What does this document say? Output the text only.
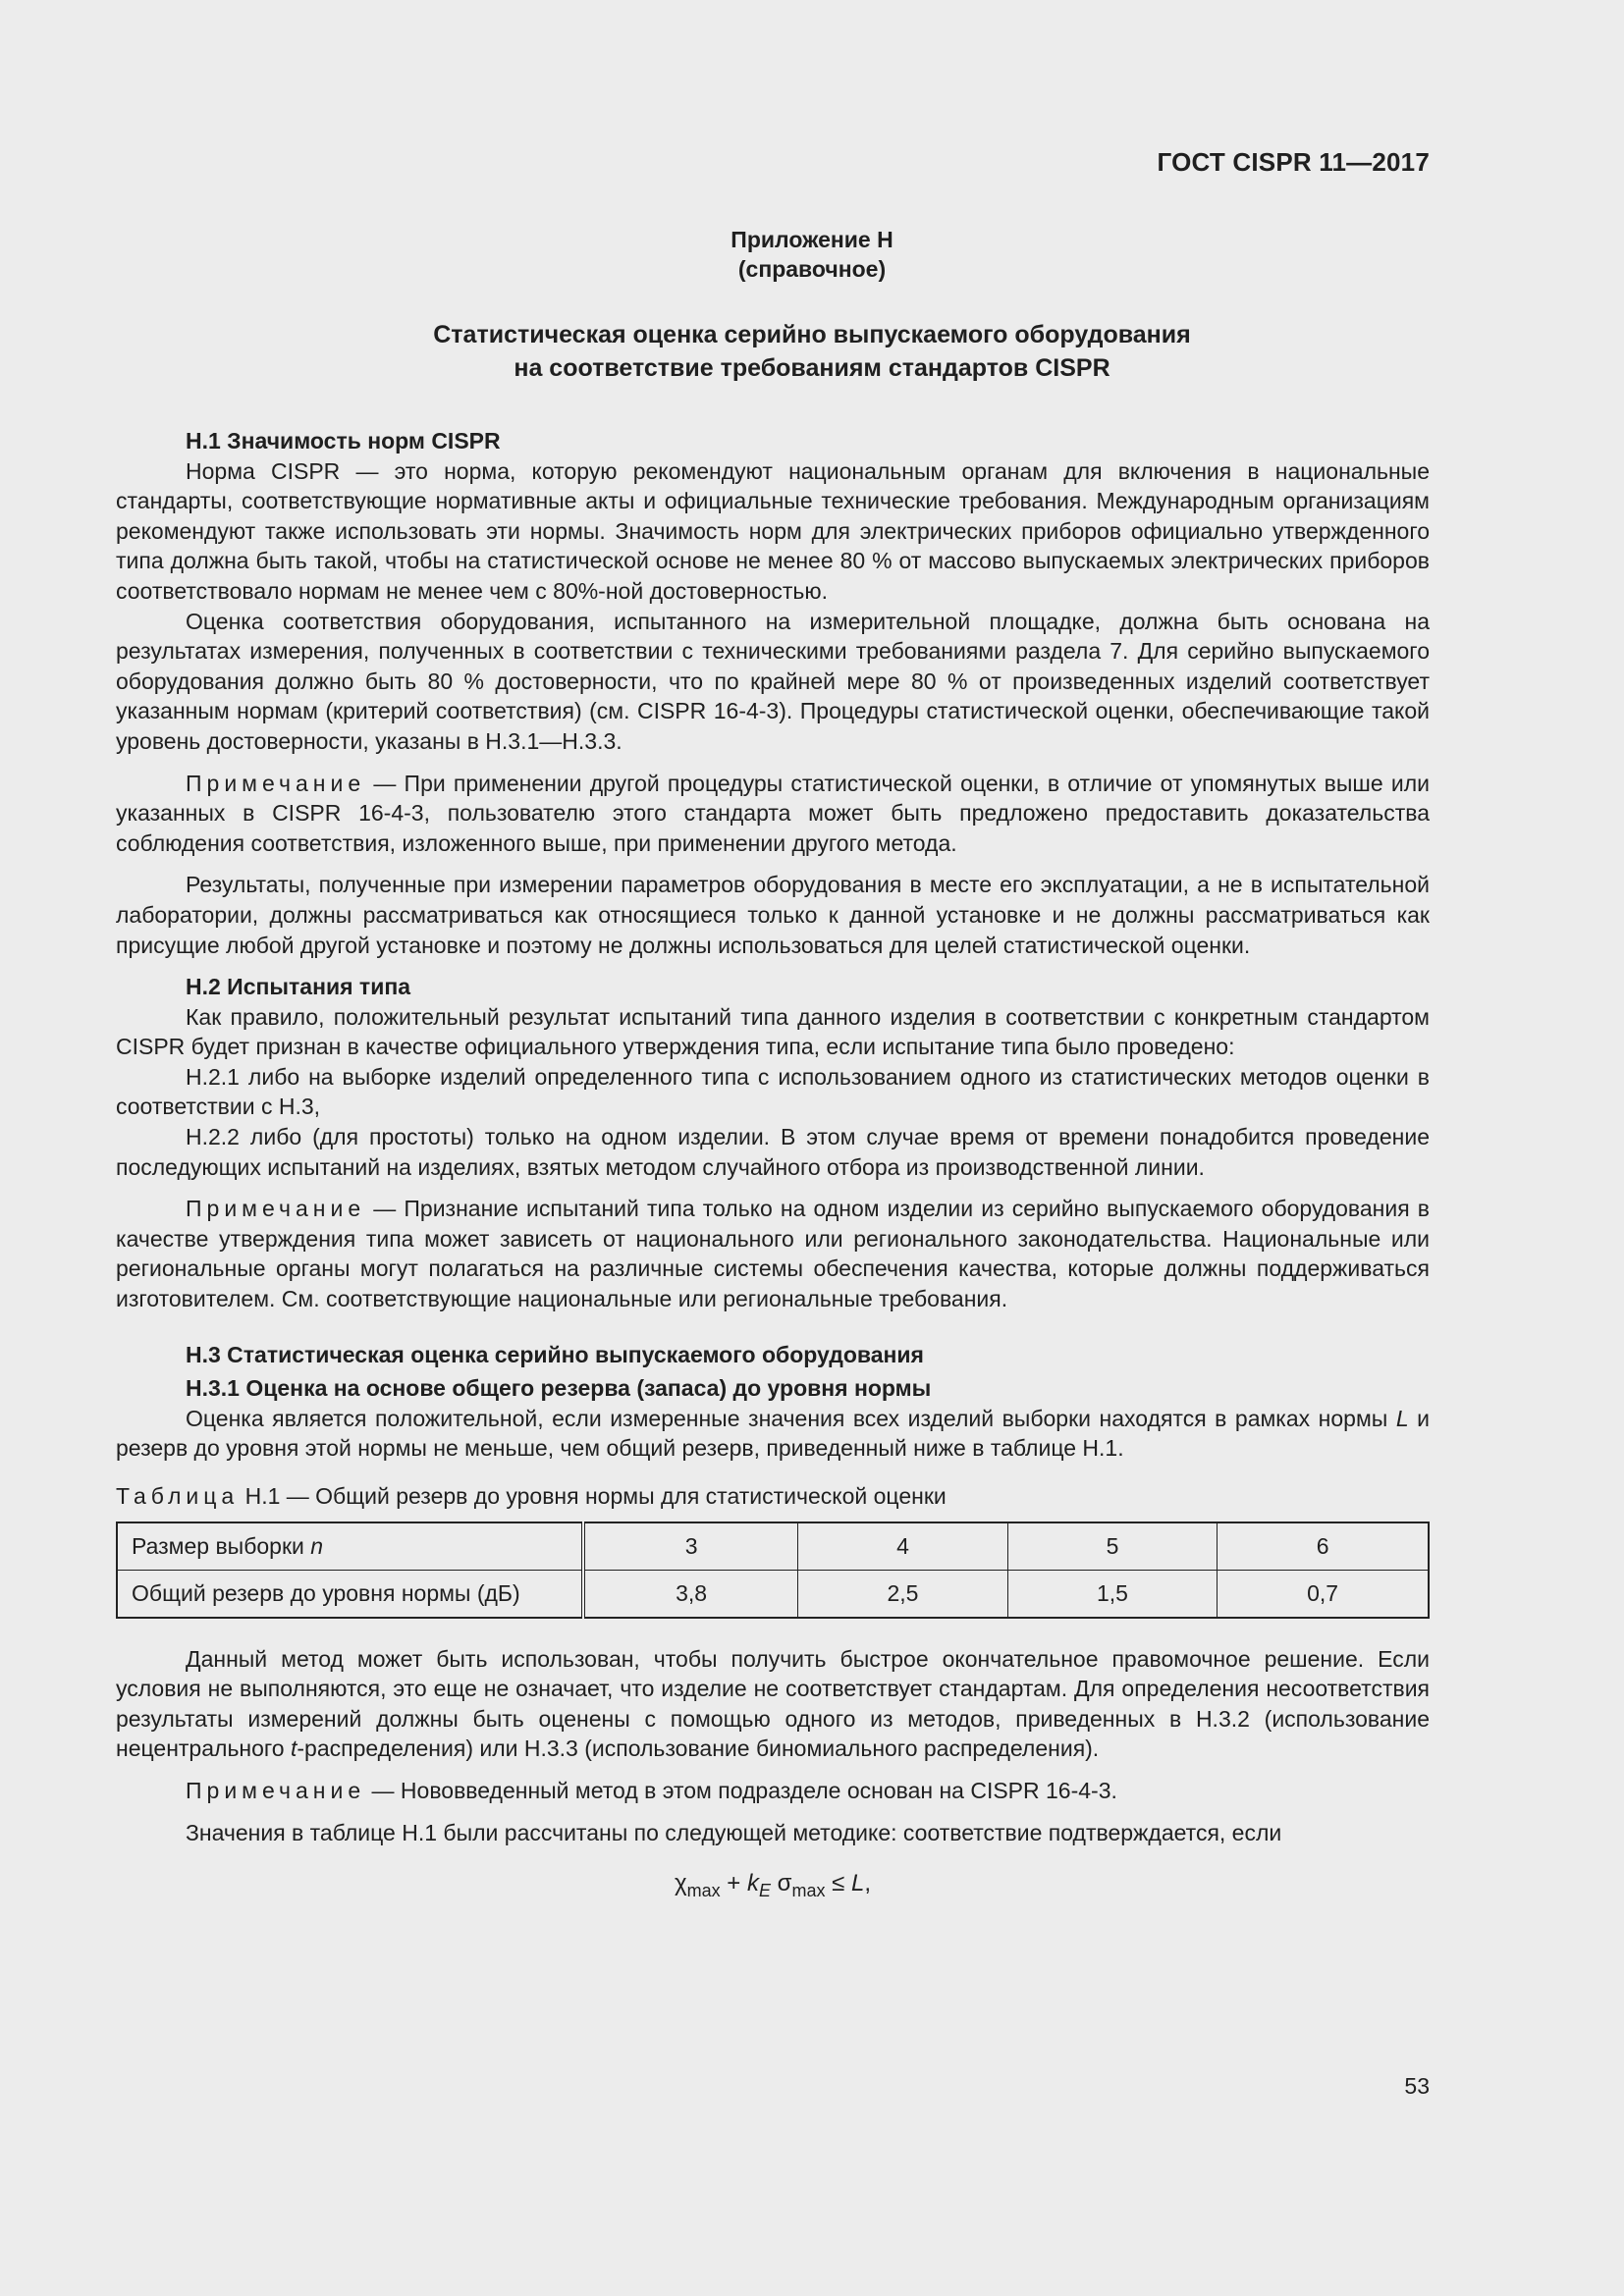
ГОСТ CISPR 11—2017
Приложение Н
(справочное)
Статистическая оценка серийно выпускаемого оборудования
на соответствие требованиям стандартов CISPR
Н.1 Значимость норм CISPR

Норма CISPR — это норма, которую рекомендуют национальным органам для включения в национальные стандарты, соответствующие нормативные акты и официальные технические требования. Международным организациям рекомендуют также использовать эти нормы. Значимость норм для электрических приборов официально утвержденного типа должна быть такой, чтобы на статистической основе не менее 80 % от массово выпускаемых электрических приборов соответствовало нормам не менее чем с 80%-ной достоверностью.

Оценка соответствия оборудования, испытанного на измерительной площадке, должна быть основана на результатах измерения, полученных в соответствии с техническими требованиями раздела 7. Для серийно выпускаемого оборудования должно быть 80 % достоверности, что по крайней мере 80 % от произведенных изделий соответствует указанным нормам (критерий соответствия) (см. CISPR 16-4-3). Процедуры статистической оценки, обеспечивающие такой уровень достоверности, указаны в Н.3.1—Н.3.3.

Примечание — При применении другой процедуры статистической оценки, в отличие от упомянутых выше или указанных в CISPR 16-4-3, пользователю этого стандарта может быть предложено предоставить доказательства соблюдения соответствия, изложенного выше, при применении другого метода.

Результаты, полученные при измерении параметров оборудования в месте его эксплуатации, а не в испытательной лаборатории, должны рассматриваться как относящиеся только к данной установке и не должны рассматриваться как присущие любой другой установке и поэтому не должны использоваться для целей статистической оценки.

Н.2 Испытания типа

Как правило, положительный результат испытаний типа данного изделия в соответствии с конкретным стандартом CISPR будет признан в качестве официального утверждения типа, если испытание типа было проведено:

Н.2.1 либо на выборке изделий определенного типа с использованием одного из статистических методов оценки в соответствии с Н.3,

Н.2.2 либо (для простоты) только на одном изделии. В этом случае время от времени понадобится проведение последующих испытаний на изделиях, взятых методом случайного отбора из производственной линии.

Примечание — Признание испытаний типа только на одном изделии из серийно выпускаемого оборудования в качестве утверждения типа может зависеть от национального или регионального законодательства. Национальные или региональные органы могут полагаться на различные системы обеспечения качества, которые должны поддерживаться изготовителем. См. соответствующие национальные или региональные требования.

Н.3 Статистическая оценка серийно выпускаемого оборудования
Н.3.1 Оценка на основе общего резерва (запаса) до уровня нормы

Оценка является положительной, если измеренные значения всех изделий выборки находятся в рамках нормы L и резерв до уровня этой нормы не меньше, чем общий резерв, приведенный ниже в таблице Н.1.

Таблица Н.1 — Общий резерв до уровня нормы для статистической оценки

Размер выборки n	3	4	5	6
Общий резерв до уровня нормы (дБ)	3,8	2,5	1,5	0,7

Данный метод может быть использован, чтобы получить быстрое окончательное правомочное решение. Если условия не выполняются, это еще не означает, что изделие не соответствует стандартам. Для определения несоответствия результаты измерений должны быть оценены с помощью одного из методов, приведенных в Н.3.2 (использование нецентрального t-распределения) или Н.3.3 (использование биномиального распределения).

Примечание — Нововведенный метод в этом подразделе основан на CISPR 16-4-3.

Значения в таблице Н.1 были рассчитаны по следующей методике: соответствие подтверждается, если

$\chi_{max} + k_E$ $\sigma_{max} \le L$,
53
